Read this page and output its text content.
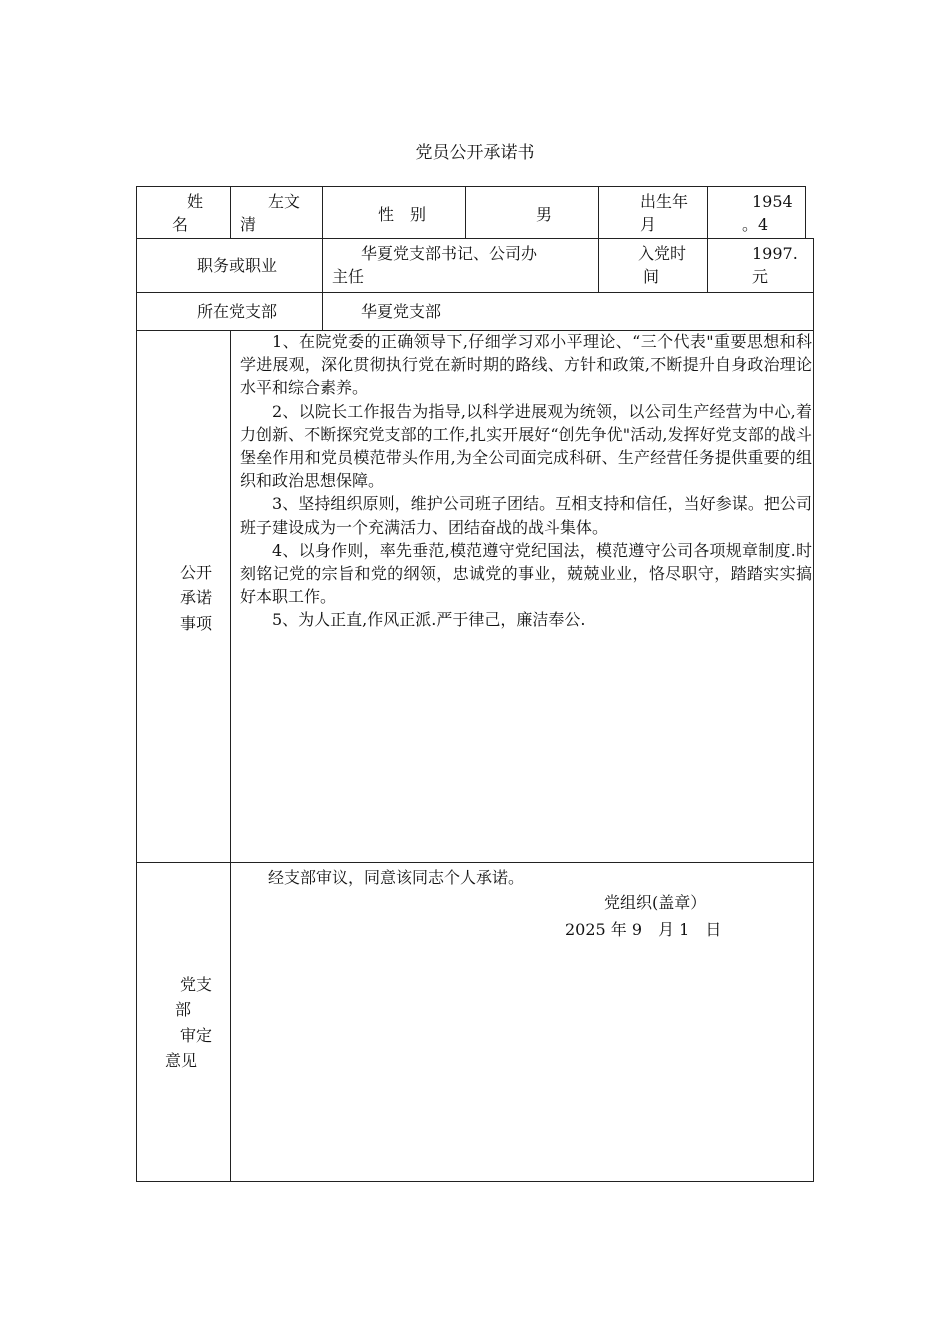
党员公开承诺书
姓
名
左文
清
性　别	男
出生年
月
1954
。4
职务或职业
华夏党支部书记、公司办
主任
入党时
间
1997.
元
所在党支部	华夏党支部
公开
承诺
事项

1、在院党委的正确领导下,仔细学习邓小平理论、“三个代表"重要思想和科学进展观，深化贯彻执行党在新时期的路线、方针和政策,不断提升自身政治理论水平和综合素养。

2、以院长工作报告为指导,以科学进展观为统领，以公司生产经营为中心,着力创新、不断探究党支部的工作,扎实开展好“创先争优"活动,发挥好党支部的战斗堡垒作用和党员模范带头作用,为全公司面完成科研、生产经营任务提供重要的组织和政治思想保障。

3、坚持组织原则，维护公司班子团结。互相支持和信任，当好参谋。把公司班子建设成为一个充满活力、团结奋战的战斗集体。

4、以身作则，率先垂范,模范遵守党纪国法，模范遵守公司各项规章制度.时刻铭记党的宗旨和党的纲领，忠诚党的事业，兢兢业业，恪尽职守，踏踏实实搞好本职工作。

5、为人正直,作风正派.严于律己，廉洁奉公.

党支
部
审定
意见
经支部审议，同意该同志个人承诺。
党组织(盖章）
2025 年 9　月 1　日
